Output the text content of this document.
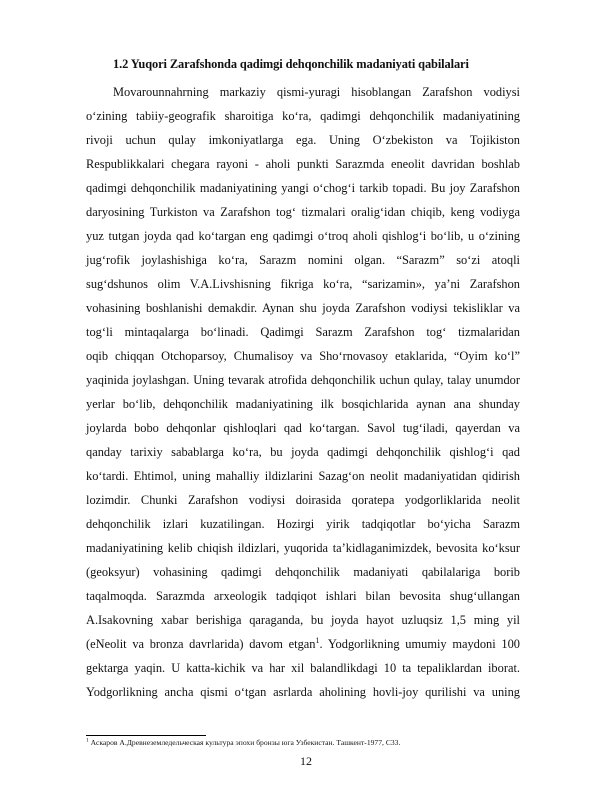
1.2 Yuqori Zarafshonda qadimgi dehqonchilik madaniyati qabilalari
Movarounnahrning markaziy qismi-yuragi hisoblangan Zarafshon vodiysi
o‘zining tabiiy-geografik sharoitiga ko‘ra, qadimgi dehqonchilik madaniyatining
rivoji uchun qulay imkoniyatlarga ega. Uning O‘zbekiston va Tojikiston
Respublikkalari chegara rayoni - aholi punkti Sarazmda eneolit davridan boshlab
qadimgi dehqonchilik madaniyatining yangi o‘chog‘i tarkib topadi. Bu joy Zarafshon
daryosining Turkiston va Zarafshon tog‘ tizmalari oralig‘idan chiqib, keng vodiyga
yuz tutgan joyda qad ko‘targan eng qadimgi o‘troq aholi qishlog‘i bo‘lib, u o‘zining
jug‘rofik joylashishiga ko‘ra, Sarazm nomini olgan. “Sarazm” so‘zi atoqli
sug‘dshunos olim V.A.Livshisning fikriga ko‘ra, “sarizamin», ya’ni Zarafshon
vohasining boshlanishi demakdir. Aynan shu joyda Zarafshon vodiysi tekisliklar va
tog‘li mintaqalarga bo‘linadi. Qadimgi Sarazm Zarafshon tog‘ tizmalaridan
oqib chiqqan Otchoparsoy, Chumalisoy va Sho‘rnovasoy etaklarida, “Oyim ko‘l”
yaqinida joylashgan. Uning tevarak atrofida dehqonchilik uchun qulay, talay unumdor
yerlar bo‘lib, dehqonchilik madaniyatining ilk bosqichlarida aynan ana shunday
joylarda bobo dehqonlar qishloqlari qad ko‘targan. Savol tug‘iladi, qayerdan va
qanday tarixiy sabablarga ko‘ra, bu joyda qadimgi dehqonchilik qishlog‘i qad
ko‘tardi. Ehtimol, uning mahalliy ildizlarini Sazag‘on neolit madaniyatidan qidirish
lozimdir. Chunki Zarafshon vodiysi doirasida qoratepa yodgorliklarida neolit
dehqonchilik izlari kuzatilingan. Hozirgi yirik tadqiqotlar bo‘yicha Sarazm
madaniyatining kelib chiqish ildizlari, yuqorida ta’kidlaganimizdek, bevosita ko‘ksur
(geoksyur) vohasining qadimgi dehqonchilik madaniyati qabilalariga borib
taqalmoqda. Sarazmda arxeologik tadqiqot ishlari bilan bevosita shug‘ullangan
A.Isakovning xabar berishiga qaraganda, bu joyda hayot uzluqsiz 1,5 ming yil
(eNeolit va bronza davrlarida) davom etgan$^1$. Yodgorlikning umumiy maydoni 100
gektarga yaqin. U katta-kichik va har xil balandlikdagi 10 ta tepaliklardan iborat.
Yodgorlikning ancha qismi o‘tgan asrlarda aholining hovli-joy qurilishi va uning
$^1$ Аскаров А.Древнеземледельческая культура эпохи бронзы юга Узбекистан. Ташкент-1977, С33.
12
